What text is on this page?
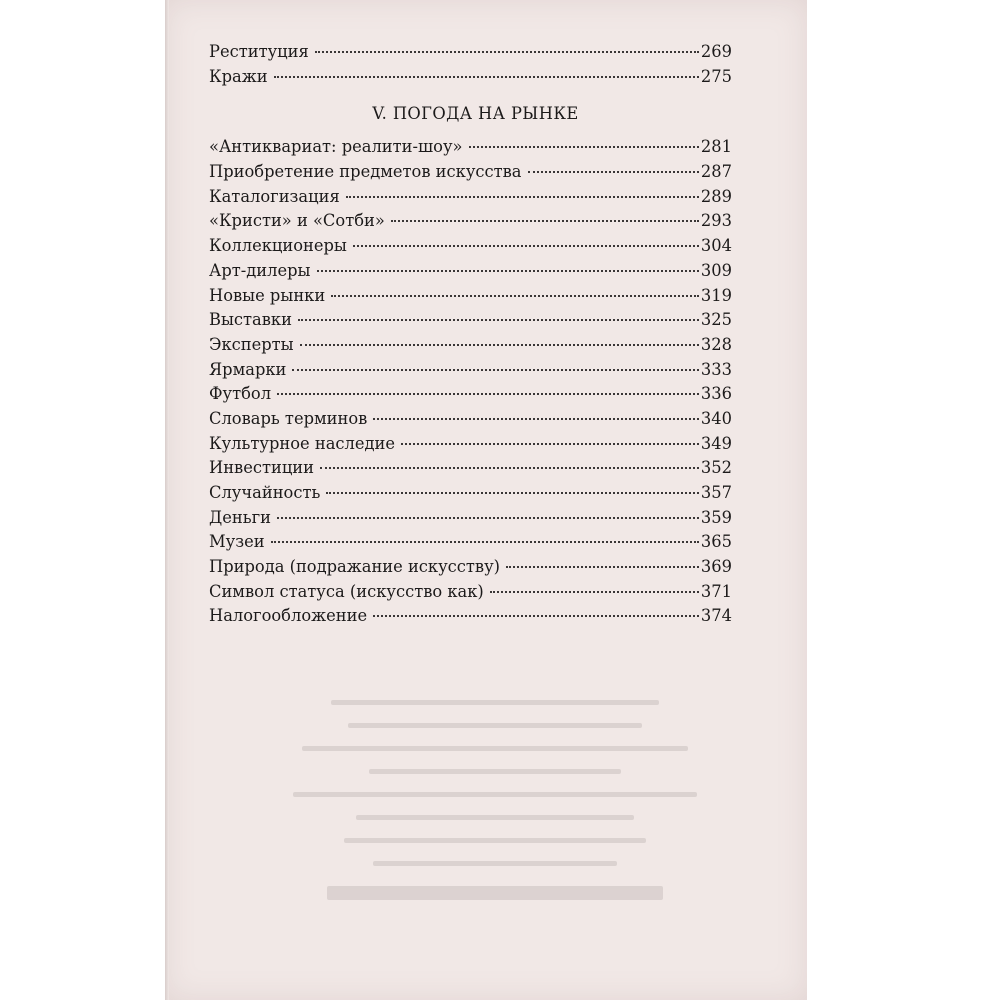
Реституция	269
Кражи	275
V. ПОГОДА НА РЫНКЕ
«Антиквариат: реалити-шоу»	281
Приобретение предметов искусства	287
Каталогизация	289
«Кристи» и «Сотби»	293
Коллекционеры	304
Арт-дилеры	309
Новые рынки	319
Выставки	325
Эксперты	328
Ярмарки	333
Футбол	336
Словарь терминов	340
Культурное наследие	349
Инвестиции	352
Случайность	357
Деньги	359
Музеи	365
Природа (подражание искусству)	369
Символ статуса (искусство как)	371
Налогообложение	374
